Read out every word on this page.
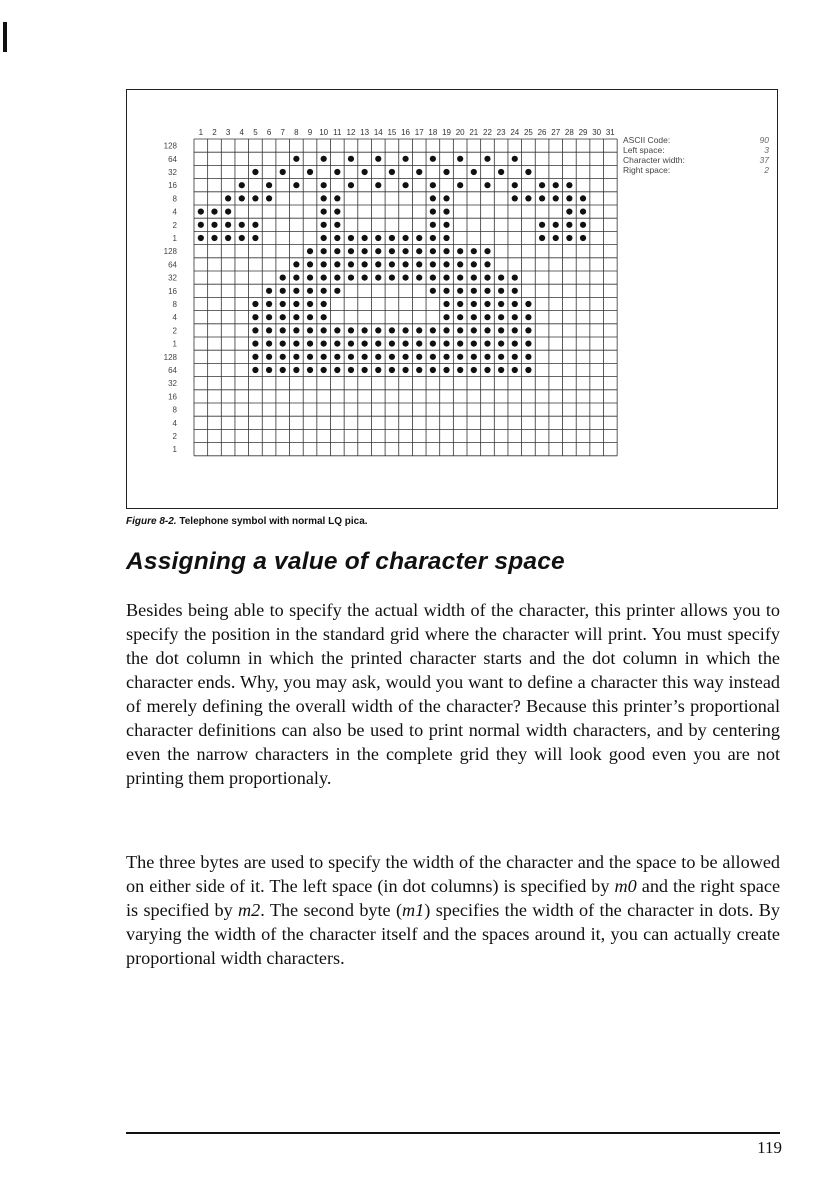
1 2 3 4 5 6 7 8 9 10 11 12 13 14 15 16 17 18 19 20 21 22 23 24 25 26 27 28 29 30 31
128
64
32
16
8
4
2
1
128
64
32
16
8
4
2
1
128
64
32
16
8
4
2
1
ASCII Code:	90
Left space:	3
Character width:	37
Right space:	2
Figure 8-2. Telephone symbol with normal LQ pica.
Assigning a value of character space

Besides being able to specify the actual width of the character, this printer allows you to specify the position in the standard grid where the character will print. You must specify the dot column in which the printed character starts and the dot column in which the character ends. Why, you may ask, would you want to define a character this way instead of merely defining the overall width of the character? Because this printer’s proportional character definitions can also be used to print normal width characters, and by centering even the narrow characters in the complete grid they will look good even you are not printing them proportionaly.

The three bytes are used to specify the width of the character and the space to be allowed on either side of it. The left space (in dot columns) is specified by m0 and the right space is specified by m2. The second byte (m1) specifies the width of the character in dots. By varying the width of the character itself and the spaces around it, you can actually create proportional width characters.

119
